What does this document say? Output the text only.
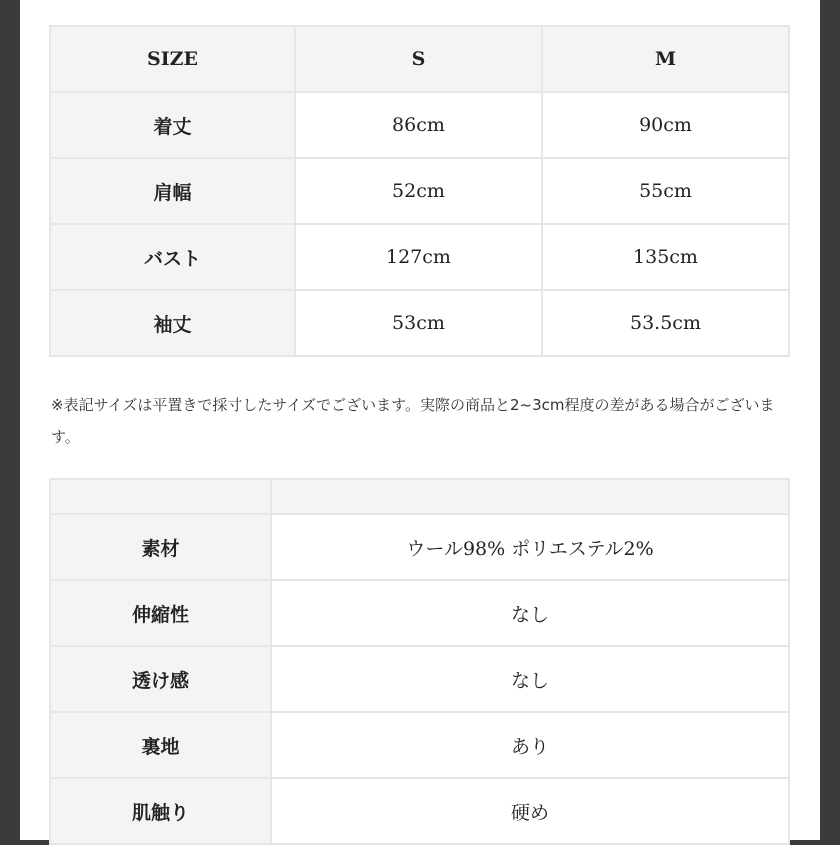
SIZE	S	M
着丈	86cm	90cm
肩幅	52cm	55cm
バスト	127cm	135cm
袖丈	53cm	53.5cm
※表記サイズは平置きで採寸したサイズでございます。実際の商品と2~3cm程度の差がある場合がございます。

素材	ウール98% ポリエステル2%
伸縮性	なし
透け感	なし
裏地	あり
肌触り	硬め
